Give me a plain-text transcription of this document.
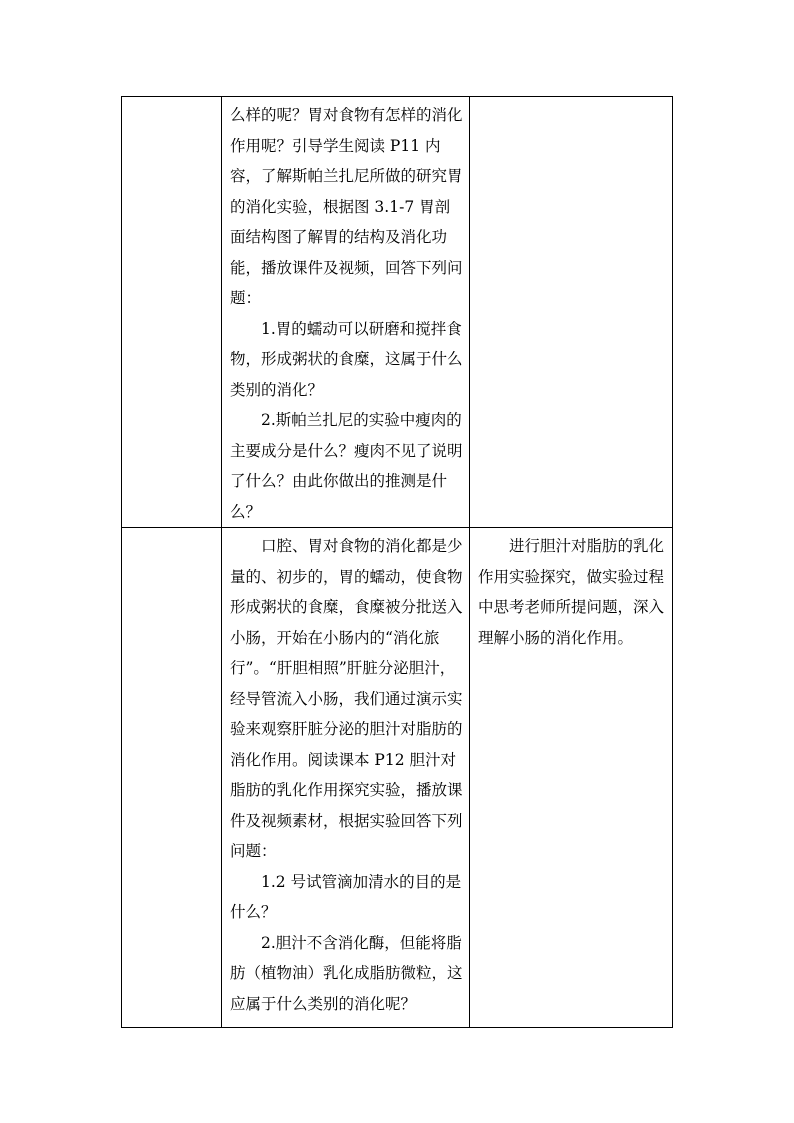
	么样的呢？胃对食物有怎样的消化作用呢？引导学生阅读 P11 内容，了解斯帕兰扎尼所做的研究胃的消化实验，根据图 3.1-7 胃剖面结构图了解胃的结构及消化功能，播放课件及视频，回答下列问题：

1.胃的蠕动可以研磨和搅拌食物，形成粥状的食糜，这属于什么类别的消化？

2.斯帕兰扎尼的实验中瘦肉的主要成分是什么？瘦肉不见了说明了什么？由此你做出的推测是什么？	

	口腔、胃对食物的消化都是少量的、初步的，胃的蠕动，使食物形成粥状的食糜，食糜被分批送入小肠，开始在小肠内的“消化旅行”。“肝胆相照”肝脏分泌胆汁，经导管流入小肠，我们通过演示实验来观察肝脏分泌的胆汁对脂肪的消化作用。阅读课本 P12 胆汁对脂肪的乳化作用探究实验，播放课件及视频素材，根据实验回答下列问题：

1.2 号试管滴加清水的目的是什么？

2.胆汁不含消化酶，但能将脂肪（植物油）乳化成脂肪微粒，这应属于什么类别的消化呢？	进行胆汁对脂肪的乳化作用实验探究，做实验过程中思考老师所提问题，深入理解小肠的消化作用。
